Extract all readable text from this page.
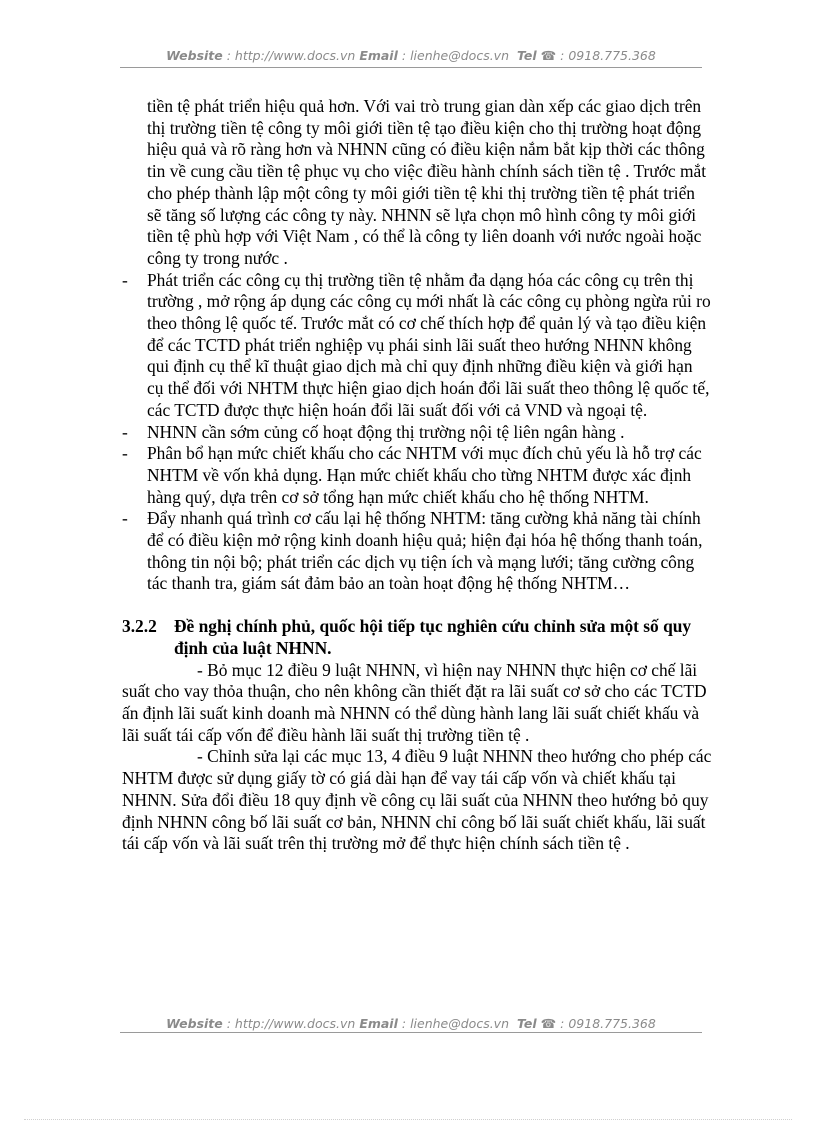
Website : http://www.docs.vn Email : lienhe@docs.vn Tel ☎ : 0918.775.368

tiền tệ phát triển hiệu quả hơn. Với vai trò trung gian dàn xếp các giao dịch trên thị trường tiền tệ công ty môi giới tiền tệ tạo điều kiện cho thị trường hoạt động hiệu quả và rõ ràng hơn và NHNN cũng có điều kiện nắm bắt kịp thời các thông tin về cung cầu tiền tệ phục vụ cho việc điều hành chính sách tiền tệ . Trước mắt cho phép thành lập một công ty môi giới tiền tệ khi thị trường tiền tệ phát triển sẽ tăng số lượng các công ty này. NHNN sẽ lựa chọn mô hình công ty môi giới tiền tệ phù hợp với Việt Nam , có thể là công ty liên doanh với nước ngoài hoặc công ty trong nước .

- Phát triển các công cụ thị trường tiền tệ nhằm đa dạng hóa các công cụ trên thị trường , mở rộng áp dụng các công cụ mới nhất là các công cụ phòng ngừa rủi ro theo thông lệ quốc tế. Trước mắt có cơ chế thích hợp để quản lý và tạo điều kiện để các TCTD phát triển nghiệp vụ phái sinh lãi suất theo hướng NHNN không qui định cụ thể kĩ thuật giao dịch mà chỉ quy định những điều kiện và giới hạn cụ thể đối với NHTM thực hiện giao dịch hoán đổi lãi suất theo thông lệ quốc tế, các TCTD được thực hiện hoán đổi lãi suất đối với cả VND và ngoại tệ.
- NHNN cần sớm củng cố hoạt động thị trường nội tệ liên ngân hàng .
- Phân bổ hạn mức chiết khấu cho các NHTM với mục đích chủ yếu là hỗ trợ các NHTM về vốn khả dụng. Hạn mức chiết khấu cho từng NHTM được xác định hàng quý, dựa trên cơ sở tổng hạn mức chiết khấu cho hệ thống NHTM.
- Đẩy nhanh quá trình cơ cấu lại hệ thống NHTM: tăng cường khả năng tài chính để có điều kiện mở rộng kinh doanh hiệu quả; hiện đại hóa hệ thống thanh toán, thông tin nội bộ; phát triển các dịch vụ tiện ích và mạng lưới; tăng cường công tác thanh tra, giám sát đảm bảo an toàn hoạt động hệ thống NHTM…
3.2.2 Đề nghị chính phủ, quốc hội tiếp tục nghiên cứu chỉnh sửa một số quy định của luật NHNN.

- Bỏ mục 12 điều 9 luật NHNN, vì hiện nay NHNN thực hiện cơ chế lãi suất cho vay thỏa thuận, cho nên không cần thiết đặt ra lãi suất cơ sở cho các TCTD ấn định lãi suất kinh doanh mà NHNN có thể dùng hành lang lãi suất chiết khấu và lãi suất tái cấp vốn để điều hành lãi suất thị trường tiền tệ .

- Chỉnh sửa lại các mục 13, 4 điều 9 luật NHNN theo hướng cho phép các NHTM được sử dụng giấy tờ có giá dài hạn để vay tái cấp vốn và chiết khấu tại NHNN. Sửa đổi điều 18 quy định về công cụ lãi suất của NHNN theo hướng bỏ quy định NHNN công bố lãi suất cơ bản, NHNN chỉ công bố lãi suất chiết khấu, lãi suất tái cấp vốn và lãi suất trên thị trường mở để thực hiện chính sách tiền tệ .

Website : http://www.docs.vn Email : lienhe@docs.vn Tel ☎ : 0918.775.368
